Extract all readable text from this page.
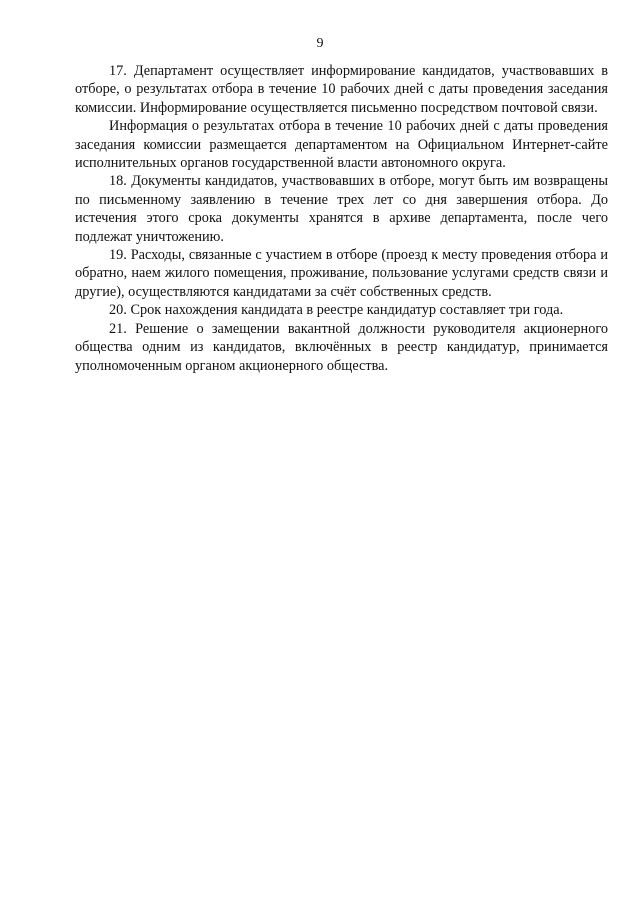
9

17. Департамент осуществляет информирование кандидатов, участвовавших в отборе, о результатах отбора в течение 10 рабочих дней с даты проведения заседания комиссии. Информирование осуществляется письменно посредством почтовой связи.

Информация о результатах отбора в течение 10 рабочих дней с даты проведения заседания комиссии размещается департаментом на Официальном Интернет-сайте исполнительных органов государственной власти автономного округа.

18. Документы кандидатов, участвовавших в отборе, могут быть им возвращены по письменному заявлению в течение трех лет со дня завершения отбора. До истечения этого срока документы хранятся в архиве департамента, после чего подлежат уничтожению.

19. Расходы, связанные с участием в отборе (проезд к месту проведения отбора и обратно, наем жилого помещения, проживание, пользование услугами средств связи и другие), осуществляются кандидатами за счёт собственных средств.

20. Срок нахождения кандидата в реестре кандидатур составляет три года.

21. Решение о замещении вакантной должности руководителя акционерного общества одним из кандидатов, включённых в реестр кандидатур, принимается уполномоченным органом акционерного общества.
